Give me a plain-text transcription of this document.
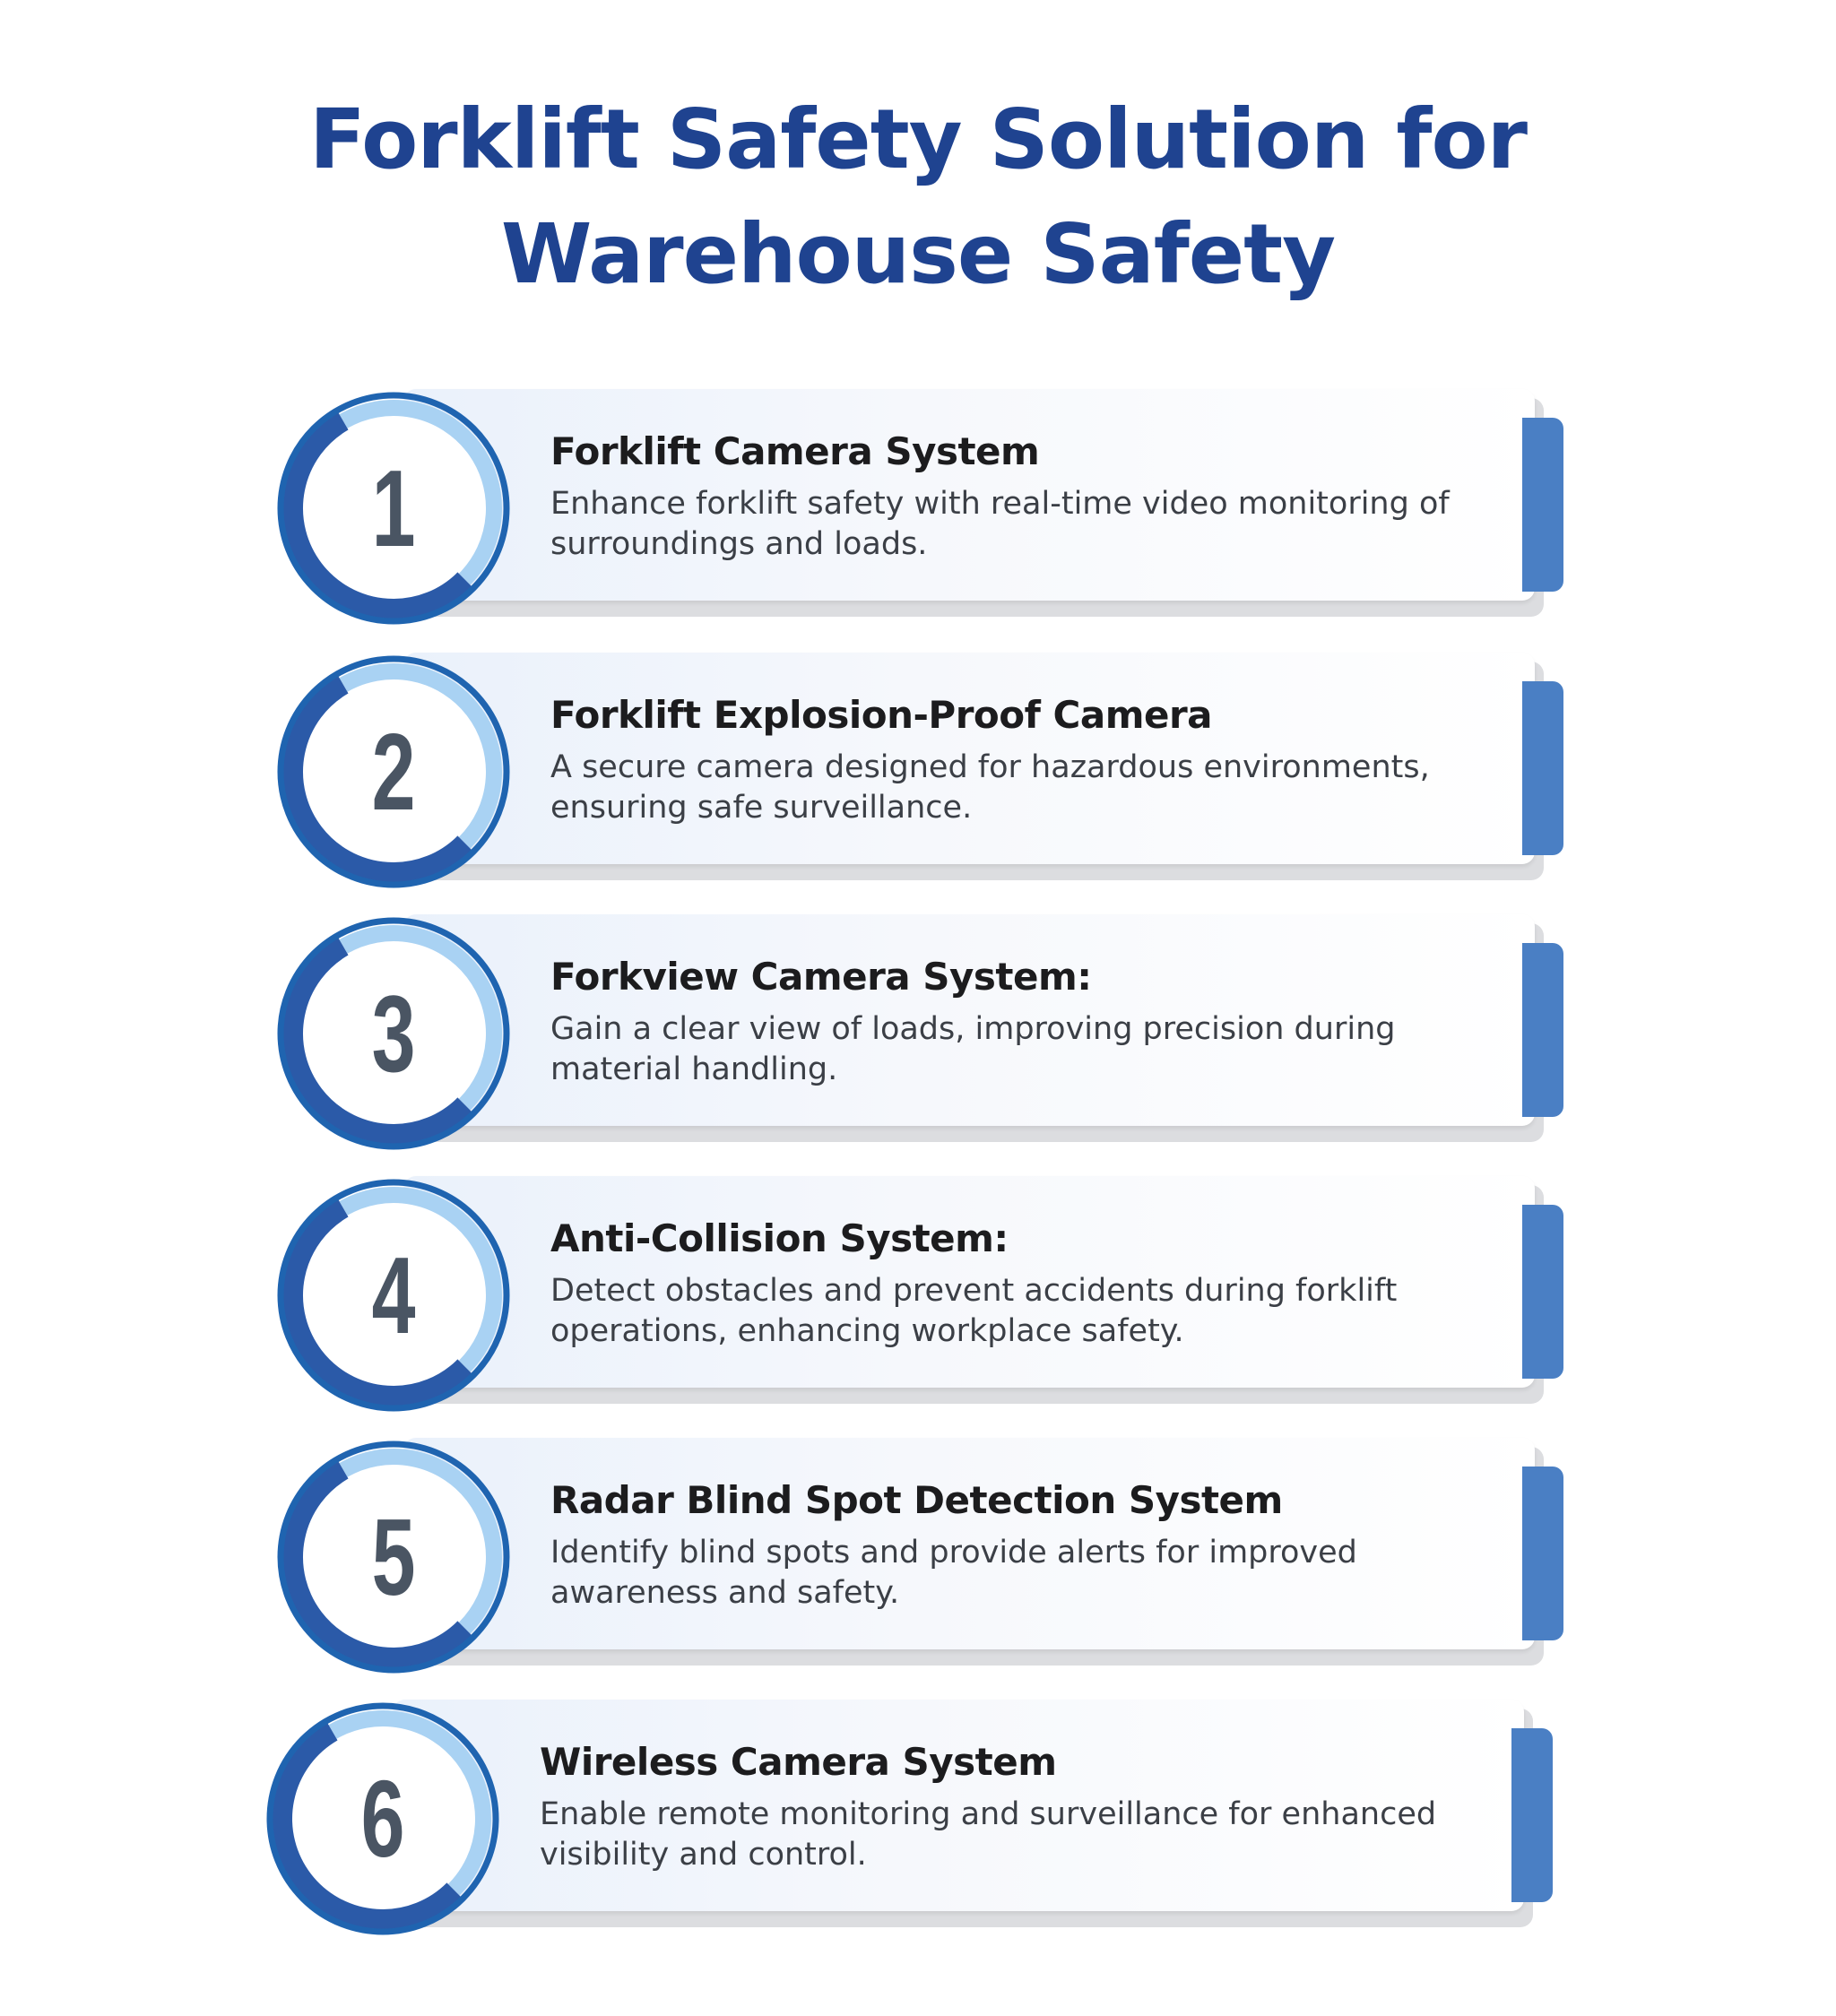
Forklift Safety Solution for
Warehouse Safety
1	Forklift Camera System
Enhance forklift safety with real-time video monitoring of surroundings and loads.
2	Forklift Explosion-Proof Camera
A secure camera designed for hazardous environments, ensuring safe surveillance.
3	Forkview Camera System:
Gain a clear view of loads, improving precision during material handling.
4	Anti-Collision System:
Detect obstacles and prevent accidents during forklift operations, enhancing workplace safety.
5	Radar Blind Spot Detection System
Identify blind spots and provide alerts for improved awareness and safety.
6	Wireless Camera System
Enable remote monitoring and surveillance for enhanced visibility and control.
